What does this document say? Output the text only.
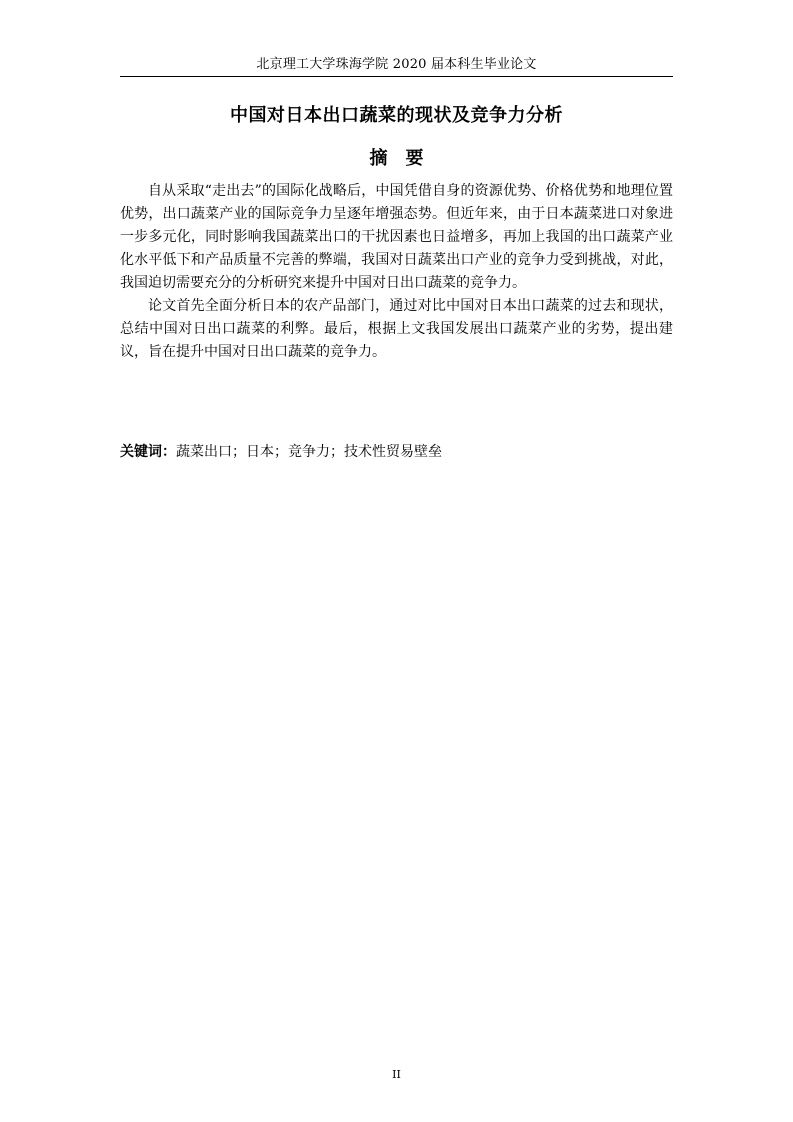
北京理工大学珠海学院 2020 届本科生毕业论文
中国对日本出口蔬菜的现状及竞争力分析
摘要

自从采取“走出去”的国际化战略后，中国凭借自身的资源优势、价格优势和地理位置优势，出口蔬菜产业的国际竞争力呈逐年增强态势。但近年来，由于日本蔬菜进口对象进一步多元化，同时影响我国蔬菜出口的干扰因素也日益增多，再加上我国的出口蔬菜产业化水平低下和产品质量不完善的弊端，我国对日蔬菜出口产业的竞争力受到挑战，对此，我国迫切需要充分的分析研究来提升中国对日出口蔬菜的竞争力。

论文首先全面分析日本的农产品部门，通过对比中国对日本出口蔬菜的过去和现状，总结中国对日出口蔬菜的利弊。最后，根据上文我国发展出口蔬菜产业的劣势，提出建议，旨在提升中国对日出口蔬菜的竞争力。

关键词：蔬菜出口；日本；竞争力；技术性贸易壁垒
II
